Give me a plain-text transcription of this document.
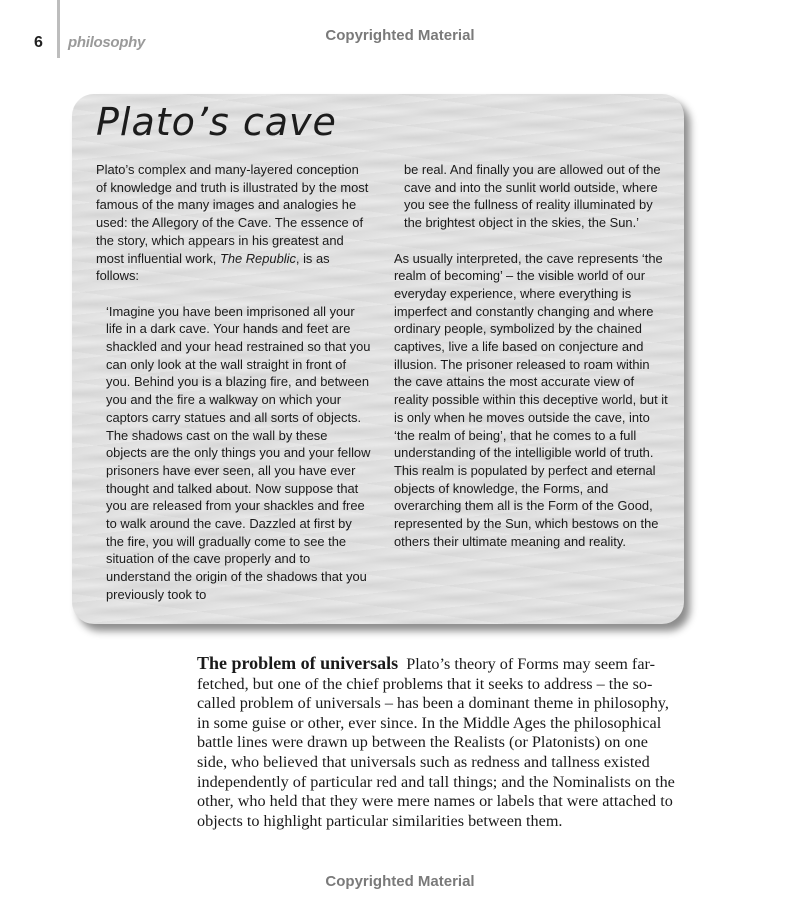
6 philosophy	Copyrighted Material
Plato’s cave

Plato’s complex and many-layered conception of knowledge and truth is illustrated by the most famous of the many images and analogies he used: the Allegory of the Cave. The essence of the story, which appears in his greatest and most influential work, The Republic, is as follows:

‘Imagine you have been imprisoned all your life in a dark cave. Your hands and feet are shackled and your head restrained so that you can only look at the wall straight in front of you. Behind you is a blazing fire, and between you and the fire a walkway on which your captors carry statues and all sorts of objects. The shadows cast on the wall by these objects are the only things you and your fellow prisoners have ever seen, all you have ever thought and talked about. Now suppose that you are released from your shackles and free to walk around the cave. Dazzled at first by the fire, you will gradually come to see the situation of the cave properly and to understand the origin of the shadows that you previously took to

be real. And finally you are allowed out of the cave and into the sunlit world outside, where you see the fullness of reality illuminated by the brightest object in the skies, the Sun.’

As usually interpreted, the cave represents ‘the realm of becoming’ – the visible world of our everyday experience, where everything is imperfect and constantly changing and where ordinary people, symbolized by the chained captives, live a life based on conjecture and illusion. The prisoner released to roam within the cave attains the most accurate view of reality possible within this deceptive world, but it is only when he moves outside the cave, into ‘the realm of being’, that he comes to a full understanding of the intelligible world of truth. This realm is populated by perfect and eternal objects of knowledge, the Forms, and overarching them all is the Form of the Good, represented by the Sun, which bestows on the others their ultimate meaning and reality.

The problem of universals Plato’s theory of Forms may seem far-fetched, but one of the chief problems that it seeks to address – the so-called problem of universals – has been a dominant theme in philosophy, in some guise or other, ever since. In the Middle Ages the philosophical battle lines were drawn up between the Realists (or Platonists) on one side, who believed that universals such as redness and tallness existed independently of particular red and tall things; and the Nominalists on the other, who held that they were mere names or labels that were attached to objects to highlight particular similarities between them.
Copyrighted Material
